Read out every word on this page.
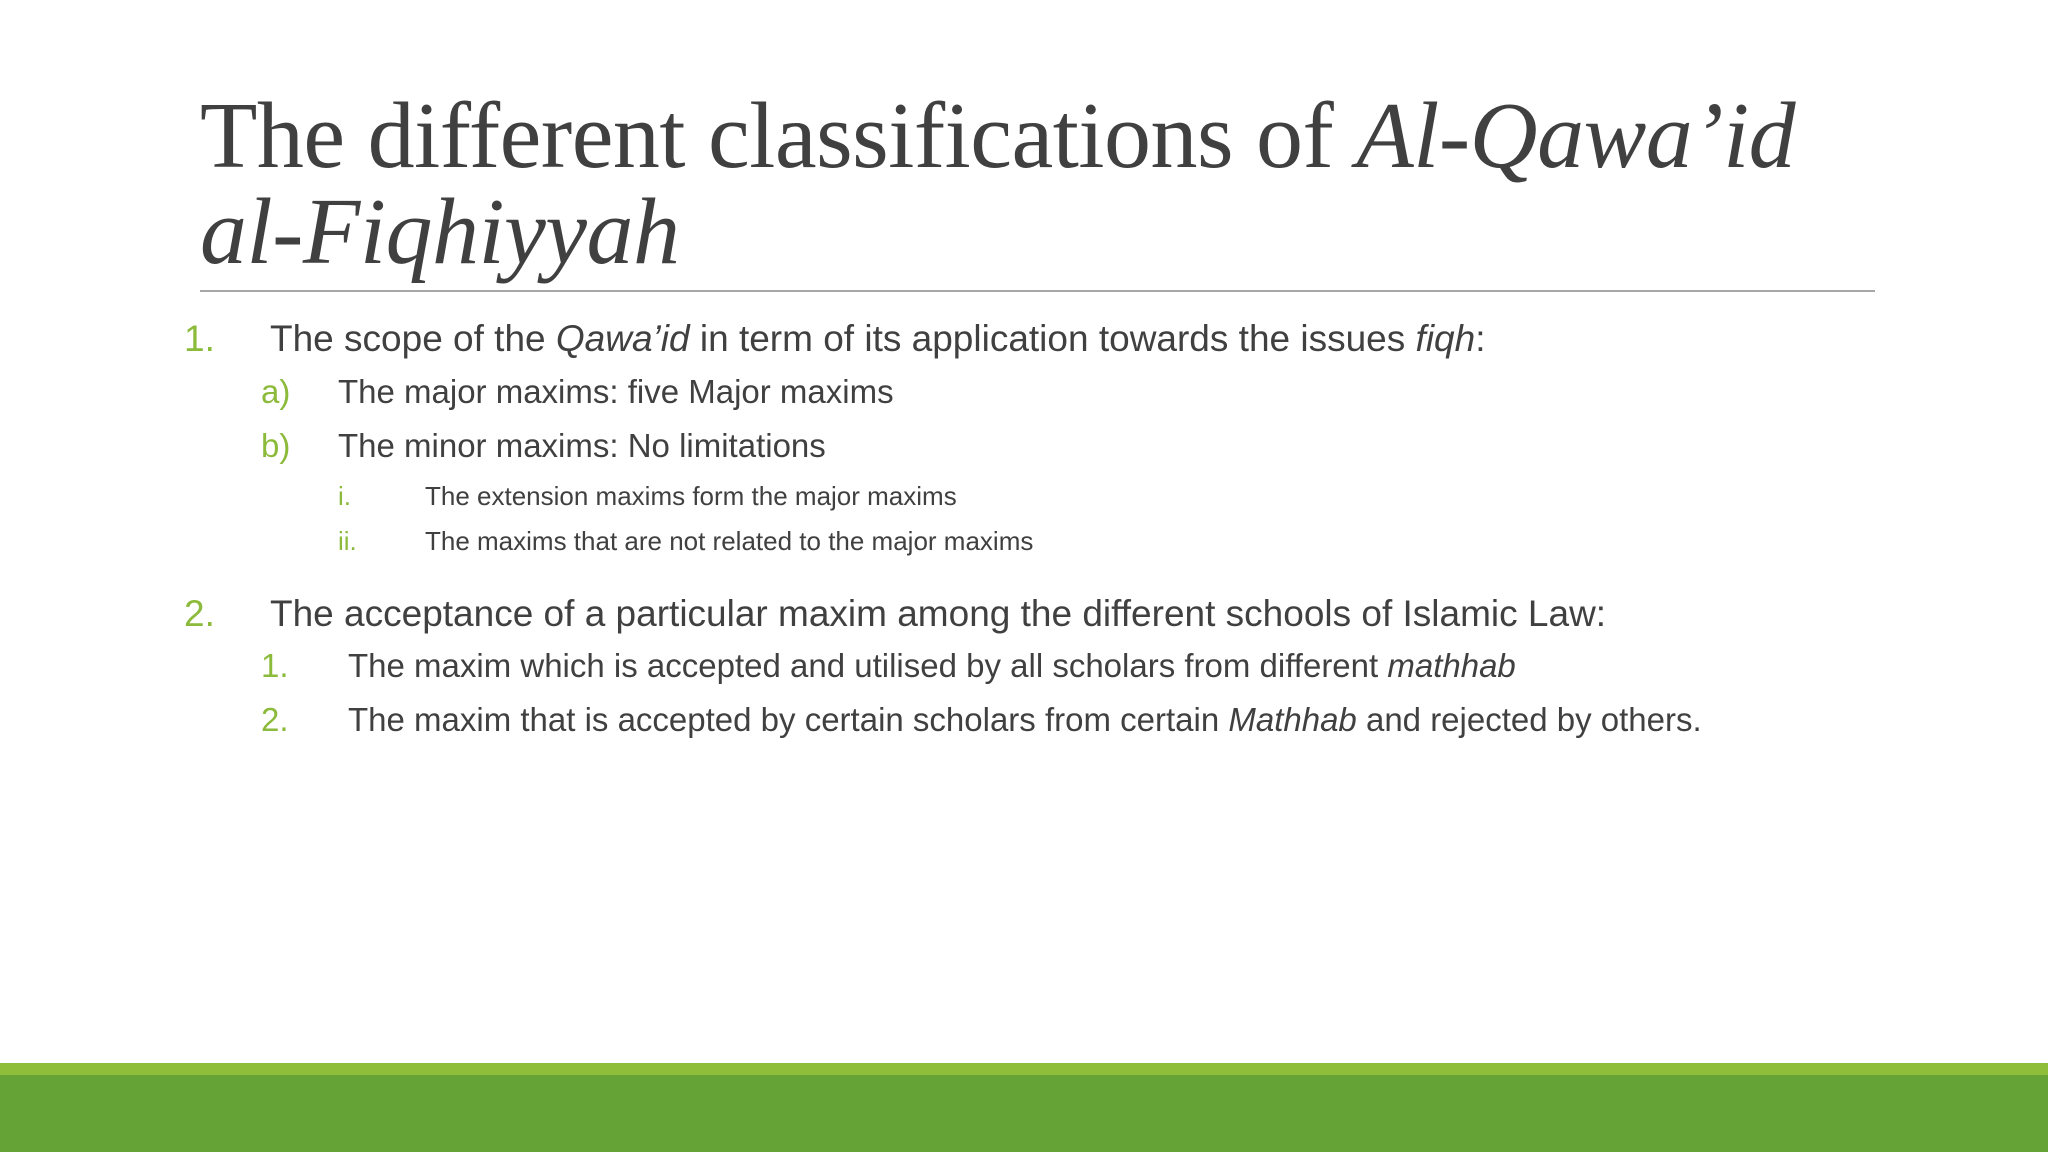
The different classifications of Al-Qawa’id
al-Fiqhiyyah
1. The scope of the Qawa’id in term of its application towards the issues fiqh:
a) The major maxims: five Major maxims
b) The minor maxims: No limitations
i.	The extension maxims form the major maxims
ii.	The maxims that are not related to the major maxims
2. The acceptance of a particular maxim among the different schools of Islamic Law:
1. The maxim which is accepted and utilised by all scholars from different mathhab
2. The maxim that is accepted by certain scholars from certain Mathhab and rejected by others.
